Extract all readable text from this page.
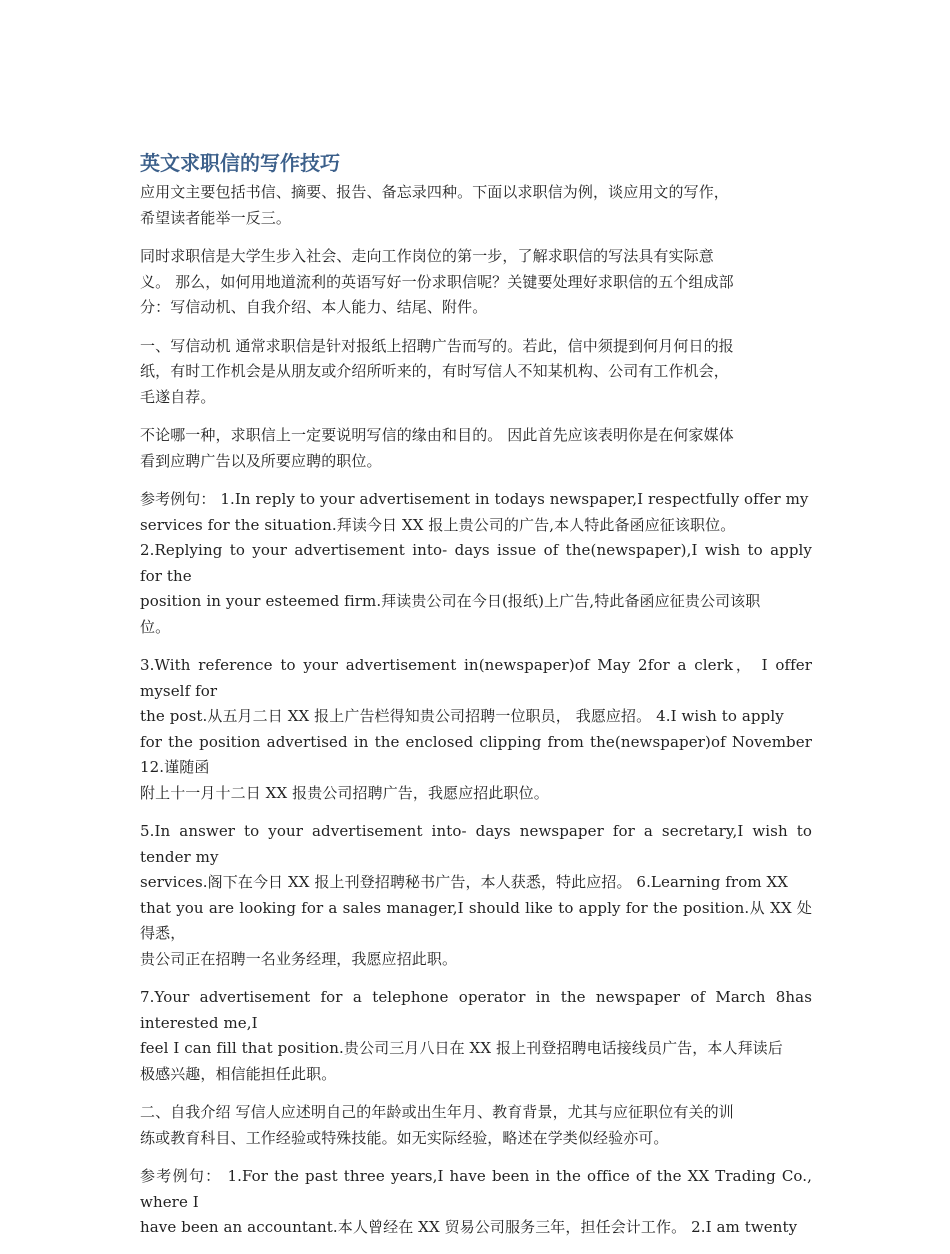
英文求职信的写作技巧

应用文主要包括书信、摘要、报告、备忘录四种。下面以求职信为例，谈应用文的写作，
希望读者能举一反三。

同时求职信是大学生步入社会、走向工作岗位的第一步，了解求职信的写法具有实际意
义。 那么，如何用地道流利的英语写好一份求职信呢？关键要处理好求职信的五个组成部
分：写信动机、自我介绍、本人能力、结尾、附件。

一、写信动机 通常求职信是针对报纸上招聘广告而写的。若此，信中须提到何月何日的报
纸，有时工作机会是从朋友或介绍所听来的，有时写信人不知某机构、公司有工作机会，
毛遂自荐。

不论哪一种，求职信上一定要说明写信的缘由和目的。 因此首先应该表明你是在何家媒体
看到应聘广告以及所要应聘的职位。

参考例句： 1.In reply to your advertisement in todays newspaper,I respectfully offer my
services for the situation.拜读今日 XX 报上贵公司的广告,本人特此备函应征该职位。
2.Replying to your advertisement into- days issue of the(newspaper),I wish to apply for the
position in your esteemed firm.拜读贵公司在今日(报纸)上广告,特此备函应征贵公司该职
位。

3.With reference to your advertisement in(newspaper)of May 2for a clerk， I offer myself for
the post.从五月二日 XX 报上广告栏得知贵公司招聘一位职员， 我愿应招。 4.I wish to apply
for the position advertised in the enclosed clipping from the(newspaper)of November 12.谨随函
附上十一月十二日 XX 报贵公司招聘广告，我愿应招此职位。

5.In answer to your advertisement into- days newspaper for a secretary,I wish to tender my
services.阁下在今日 XX 报上刊登招聘秘书广告，本人获悉，特此应招。 6.Learning from XX
that you are looking for a sales manager,I should like to apply for the position.从 XX 处得悉，
贵公司正在招聘一名业务经理，我愿应招此职。

7.Your advertisement for a telephone operator in the newspaper of March 8has interested me,I
feel I can fill that position.贵公司三月八日在 XX 报上刊登招聘电话接线员广告，本人拜读后
极感兴趣，相信能担任此职。

二、自我介绍 写信人应述明自己的年龄或出生年月、教育背景，尤其与应征职位有关的训
练或教育科目、工作经验或特殊技能。如无实际经验，略述在学类似经验亦可。

参考例句： 1.For the past three years,I have been in the office of the XX Trading Co., where I
have been an accountant.本人曾经在 XX 贸易公司服务三年，担任会计工作。 2.I am twenty
